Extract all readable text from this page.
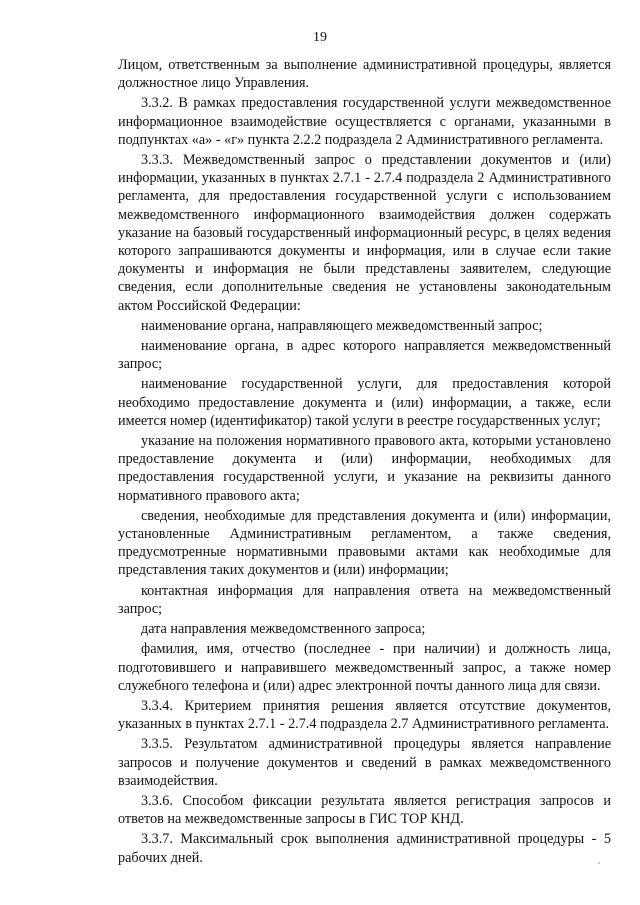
19

Лицом, ответственным за выполнение административной процедуры, является должностное лицо Управления.

3.3.2. В рамках предоставления государственной услуги межведомственное информационное взаимодействие осуществляется с органами, указанными в подпунктах «а» - «г» пункта 2.2.2 подраздела 2 Административного регламента.

3.3.3. Межведомственный запрос о представлении документов и (или) информации, указанных в пунктах 2.7.1 - 2.7.4 подраздела 2 Административного регламента, для предоставления государственной услуги с использованием межведомственного информационного взаимодействия должен содержать указание на базовый государственный информационный ресурс, в целях ведения которого запрашиваются документы и информация, или в случае если такие документы и информация не были представлены заявителем, следующие сведения, если дополнительные сведения не установлены законодательным актом Российской Федерации:

наименование органа, направляющего межведомственный запрос;

наименование органа, в адрес которого направляется межведомственный запрос;

наименование государственной услуги, для предоставления которой необходимо предоставление документа и (или) информации, а также, если имеется номер (идентификатор) такой услуги в реестре государственных услуг;

указание на положения нормативного правового акта, которыми установлено предоставление документа и (или) информации, необходимых для предоставления государственной услуги, и указание на реквизиты данного нормативного правового акта;

сведения, необходимые для представления документа и (или) информации, установленные Административным регламентом, а также сведения, предусмотренные нормативными правовыми актами как необходимые для представления таких документов и (или) информации;

контактная информация для направления ответа на межведомственный запрос;

дата направления межведомственного запроса;

фамилия, имя, отчество (последнее - при наличии) и должность лица, подготовившего и направившего межведомственный запрос, а также номер служебного телефона и (или) адрес электронной почты данного лица для связи.

3.3.4. Критерием принятия решения является отсутствие документов, указанных в пунктах 2.7.1 - 2.7.4 подраздела 2.7 Административного регламента.

3.3.5. Результатом административной процедуры является направление запросов и получение документов и сведений в рамках межведомственного взаимодействия.

3.3.6. Способом фиксации результата является регистрация запросов и ответов на межведомственные запросы в ГИС ТОР КНД.

3.3.7. Максимальный срок выполнения административной процедуры - 5 рабочих дней.
